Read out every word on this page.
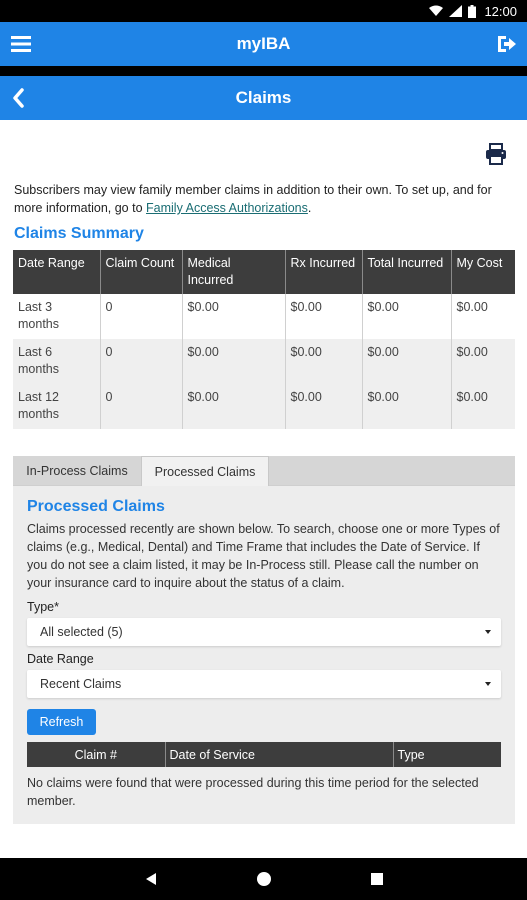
12:00
myIBA
Claims

Subscribers may view family member claims in addition to their own. To set up, and for more information, go to Family Access Authorizations.

Claims Summary
Date Range	Claim Count	Medical Incurred	Rx Incurred	Total Incurred	My Cost
Last 3 months	0	$0.00	$0.00	$0.00	$0.00
Last 6 months	0	$0.00	$0.00	$0.00	$0.00
Last 12 months	0	$0.00	$0.00	$0.00	$0.00
In-Process Claims	Processed Claims
Processed Claims

Claims processed recently are shown below. To search, choose one or more Types of claims (e.g., Medical, Dental) and Time Frame that includes the Date of Service. If you do not see a claim listed, it may be In-Process still. Please call the number on your insurance card to inquire about the status of a claim.

Type*
All selected (5)
Date Range
Recent Claims
Refresh
Claim #	Date of Service	Type

No claims were found that were processed during this time period for the selected member.
